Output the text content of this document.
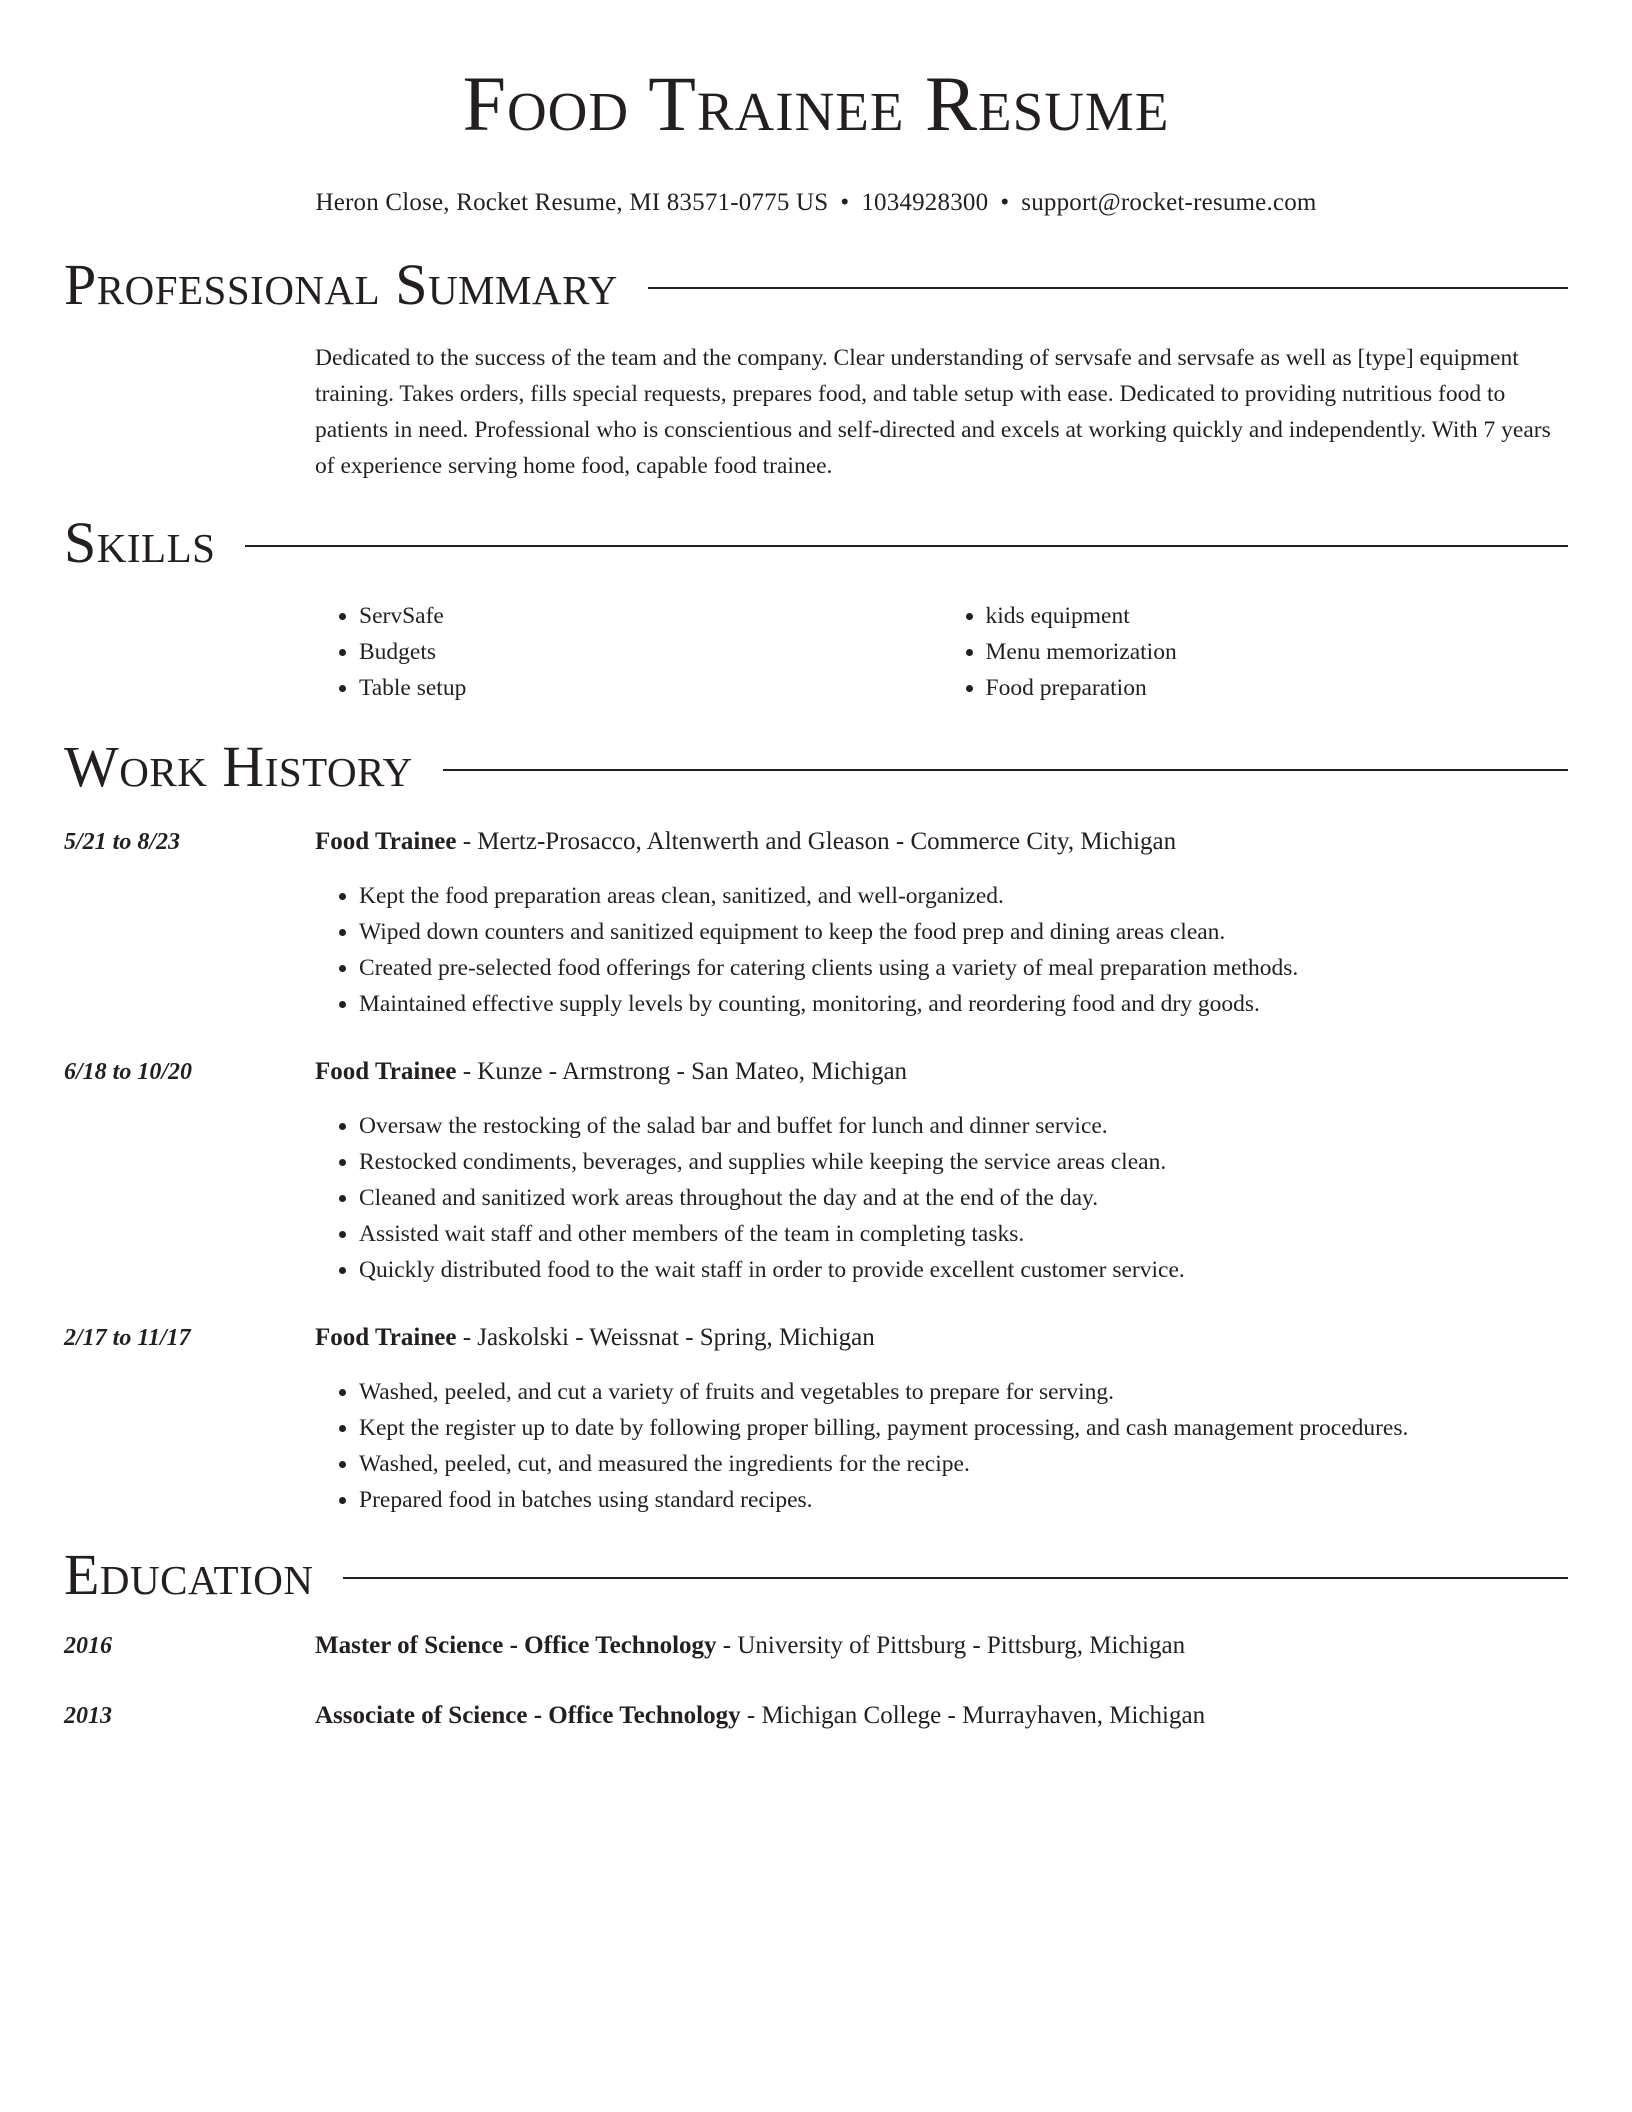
Food Trainee Resume
Heron Close, Rocket Resume, MI 83571-0775 US • 1034928300 • support@rocket-resume.com
Professional Summary
Dedicated to the success of the team and the company. Clear understanding of servsafe and servsafe as well as [type] equipment training. Takes orders, fills special requests, prepares food, and table setup with ease. Dedicated to providing nutritious food to patients in need. Professional who is conscientious and self-directed and excels at working quickly and independently. With 7 years of experience serving home food, capable food trainee.
Skills
• ServSafe
• Budgets
• Table setup
• kids equipment
• Menu memorization
• Food preparation
Work History
5/21 to 8/23	Food Trainee - Mertz-Prosacco, Altenwerth and Gleason - Commerce City, Michigan
• Kept the food preparation areas clean, sanitized, and well-organized.
• Wiped down counters and sanitized equipment to keep the food prep and dining areas clean.
• Created pre-selected food offerings for catering clients using a variety of meal preparation methods.
• Maintained effective supply levels by counting, monitoring, and reordering food and dry goods.
6/18 to 10/20	Food Trainee - Kunze - Armstrong - San Mateo, Michigan
• Oversaw the restocking of the salad bar and buffet for lunch and dinner service.
• Restocked condiments, beverages, and supplies while keeping the service areas clean.
• Cleaned and sanitized work areas throughout the day and at the end of the day.
• Assisted wait staff and other members of the team in completing tasks.
• Quickly distributed food to the wait staff in order to provide excellent customer service.
2/17 to 11/17	Food Trainee - Jaskolski - Weissnat - Spring, Michigan
• Washed, peeled, and cut a variety of fruits and vegetables to prepare for serving.
• Kept the register up to date by following proper billing, payment processing, and cash management procedures.
• Washed, peeled, cut, and measured the ingredients for the recipe.
• Prepared food in batches using standard recipes.
Education
2016	Master of Science - Office Technology - University of Pittsburg - Pittsburg, Michigan
2013	Associate of Science - Office Technology - Michigan College - Murrayhaven, Michigan
